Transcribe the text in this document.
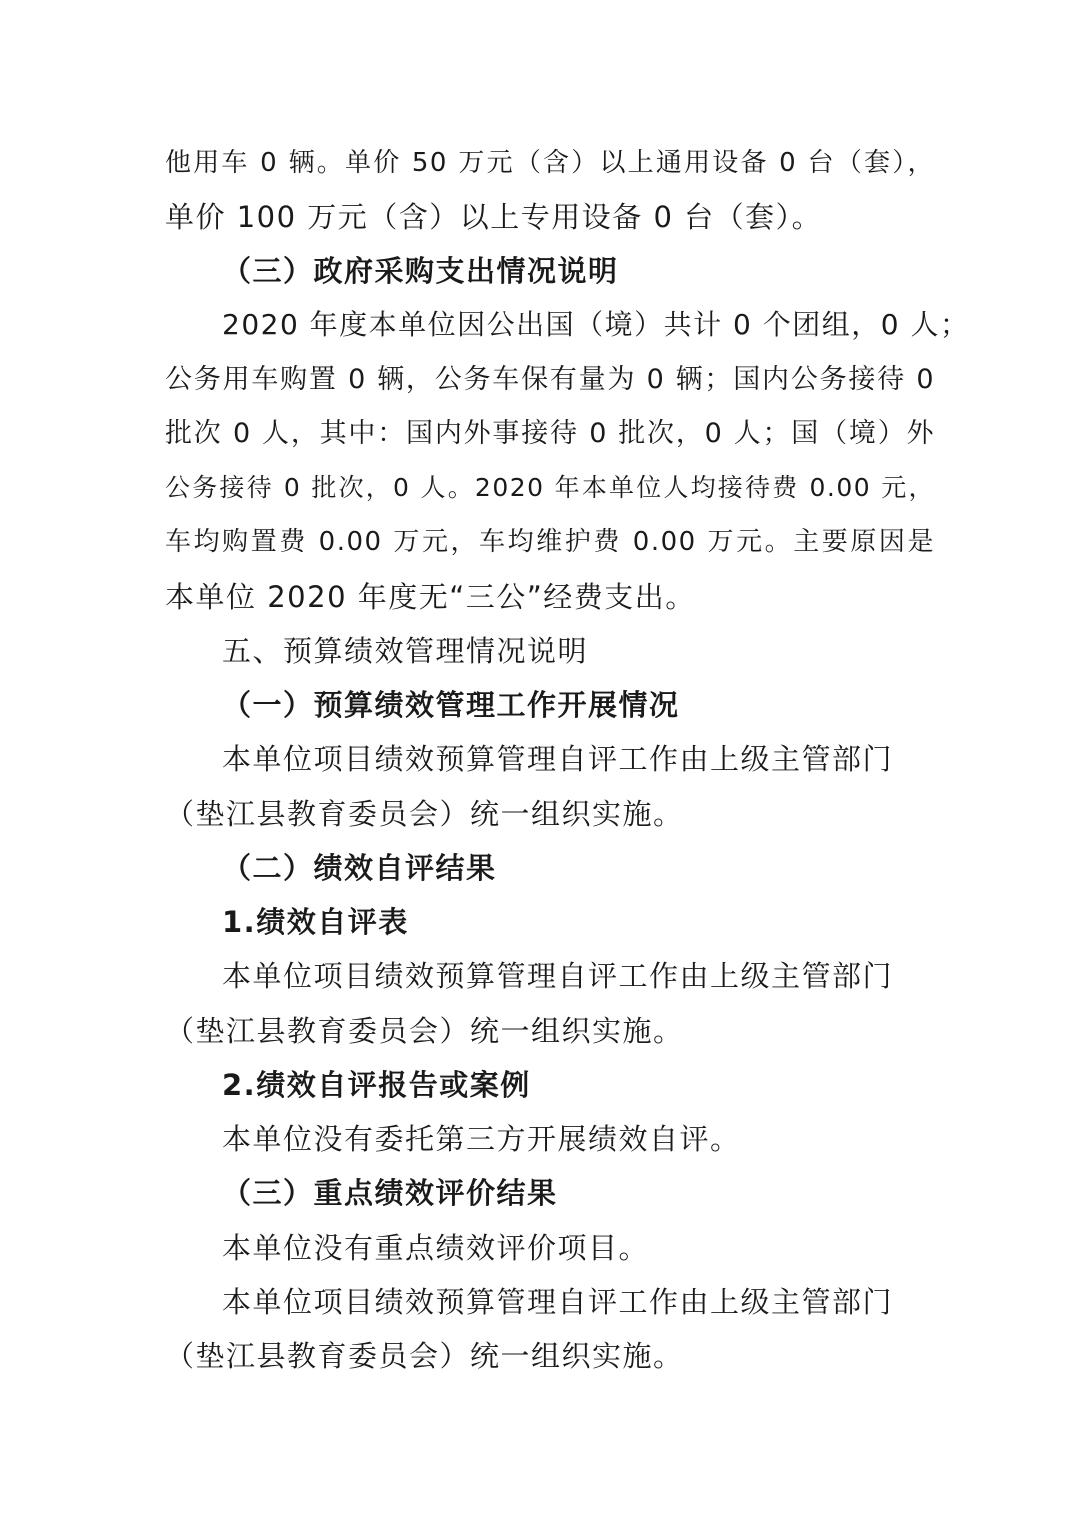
他用车 0 辆。单价 50 万元（含）以上通用设备 0 台（套），
单价 100 万元（含）以上专用设备 0 台（套）。
（三）政府采购支出情况说明
2020 年度本单位因公出国（境）共计 0 个团组，0 人；
公务用车购置 0 辆，公务车保有量为 0 辆；国内公务接待 0
批次 0 人，其中：国内外事接待 0 批次，0 人；国（境）外
公务接待 0 批次，0 人。2020 年本单位人均接待费 0.00 元，
车均购置费 0.00 万元，车均维护费 0.00 万元。主要原因是
本单位 2020 年度无“三公”经费支出。
五、预算绩效管理情况说明
（一）预算绩效管理工作开展情况
本单位项目绩效预算管理自评工作由上级主管部门
（垫江县教育委员会）统一组织实施。
（二）绩效自评结果
1.绩效自评表
本单位项目绩效预算管理自评工作由上级主管部门
（垫江县教育委员会）统一组织实施。
2.绩效自评报告或案例
本单位没有委托第三方开展绩效自评。
（三）重点绩效评价结果
本单位没有重点绩效评价项目。
本单位项目绩效预算管理自评工作由上级主管部门
（垫江县教育委员会）统一组织实施。
